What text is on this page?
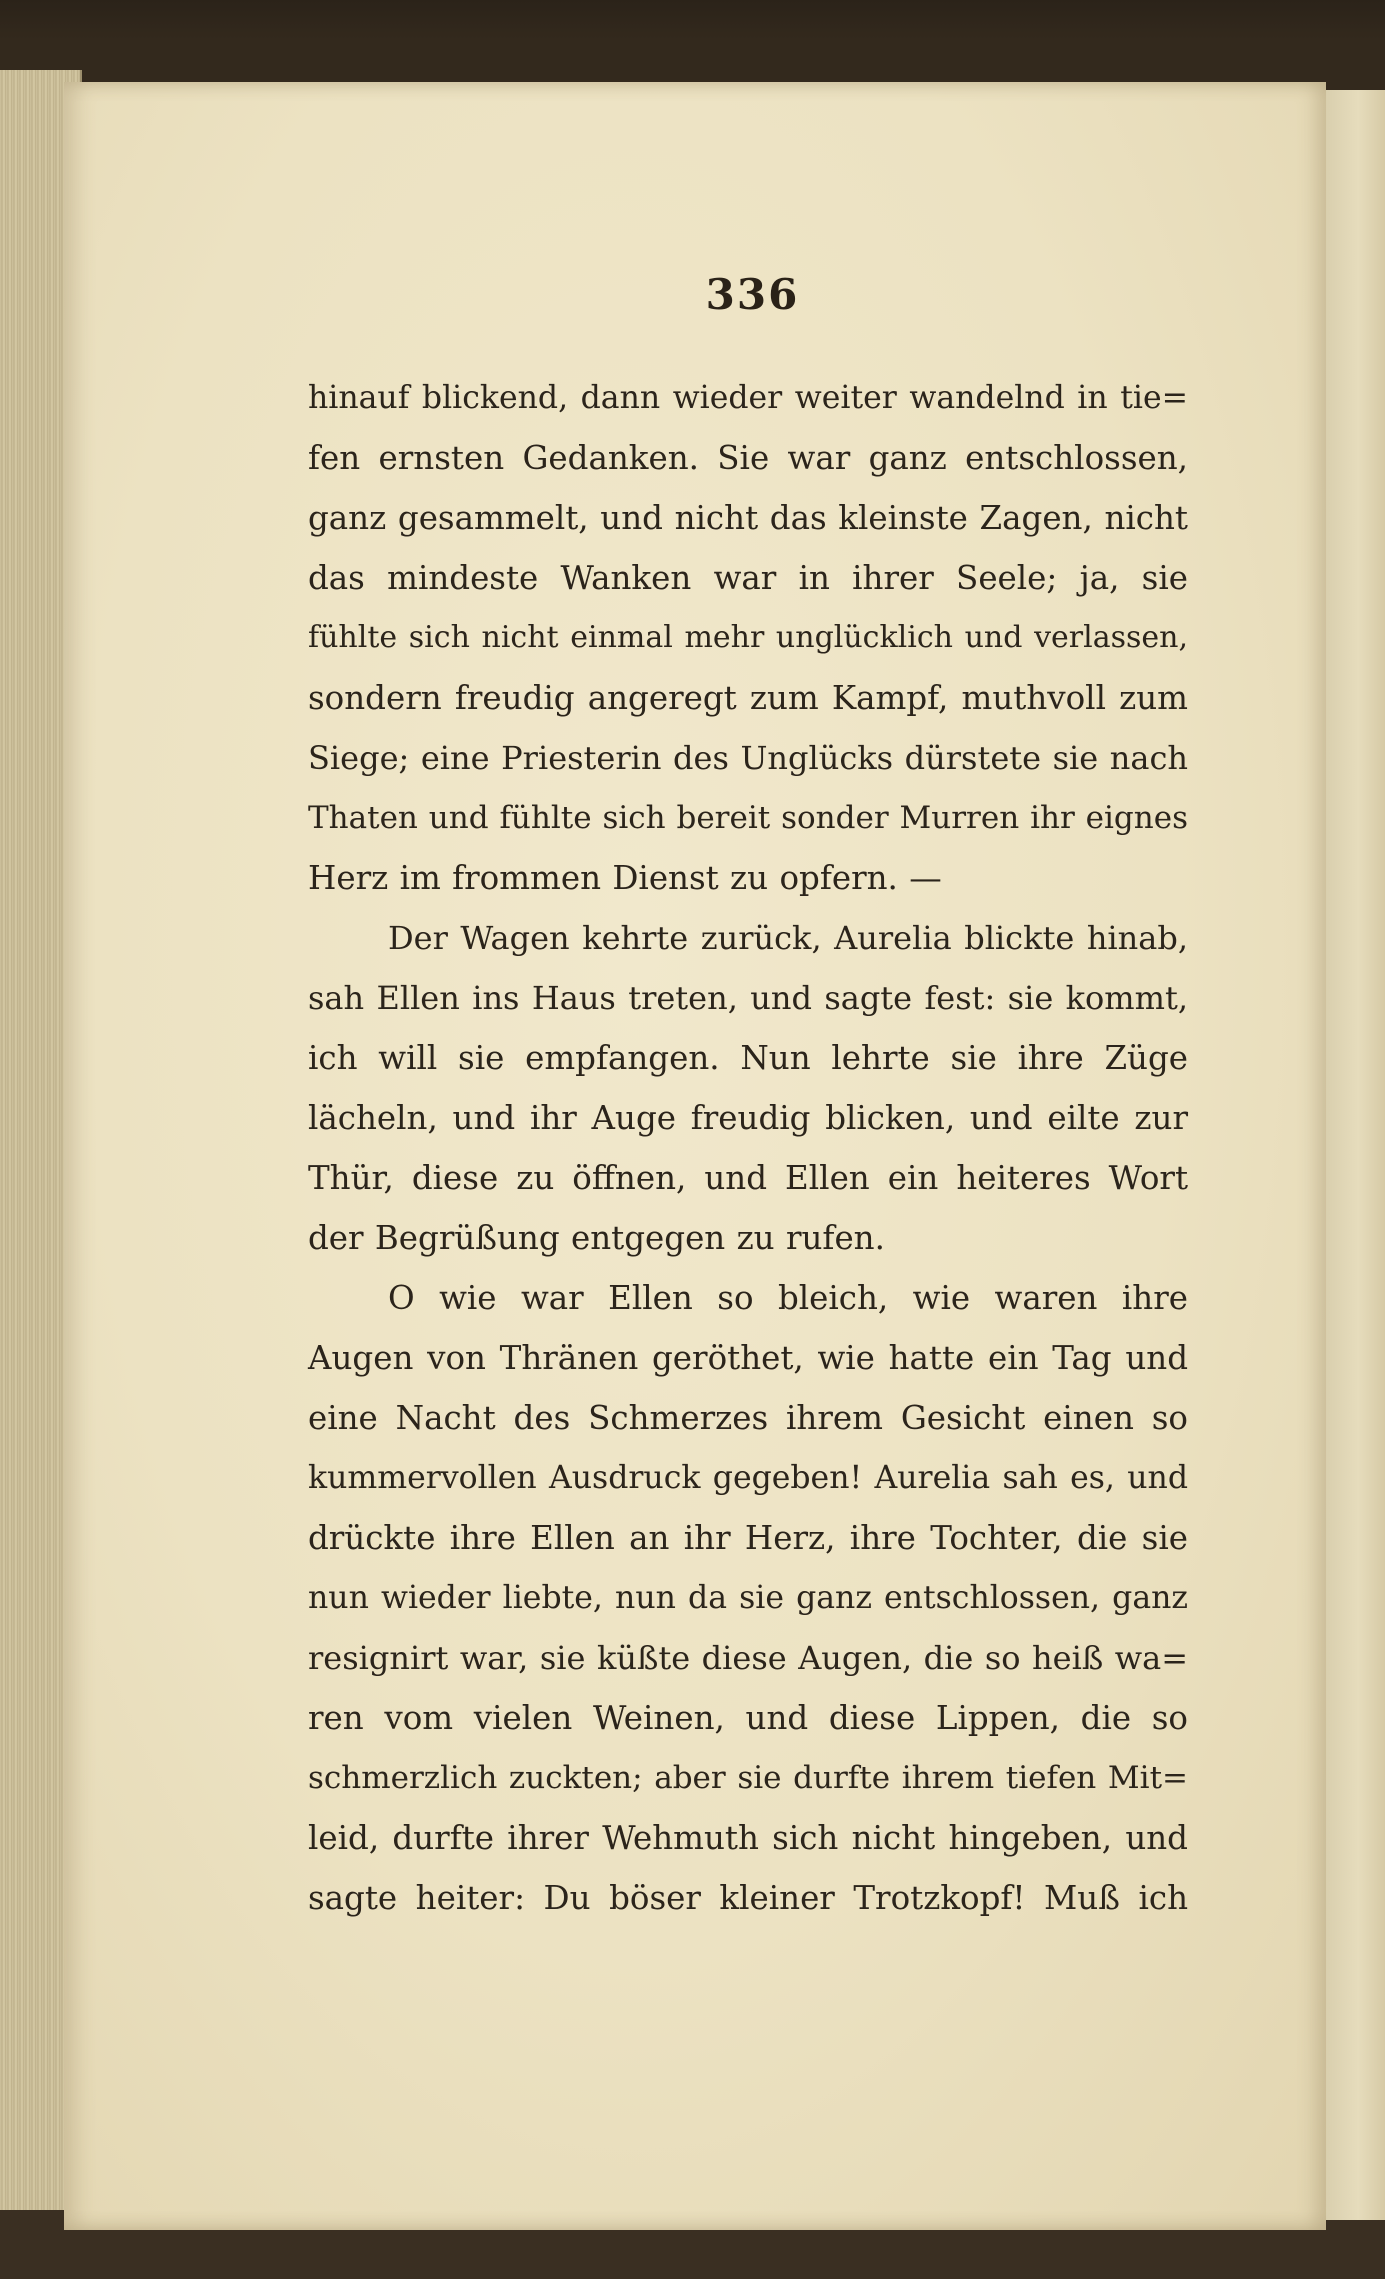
336
hinauf blickend, dann wieder weiter wandelnd in tie=
fen ernsten Gedanken. Sie war ganz entschlossen,
ganz gesammelt, und nicht das kleinste Zagen, nicht
das mindeste Wanken war in ihrer Seele; ja, sie
fühlte sich nicht einmal mehr unglücklich und verlassen,
sondern freudig angeregt zum Kampf, muthvoll zum
Siege; eine Priesterin des Unglücks dürstete sie nach
Thaten und fühlte sich bereit sonder Murren ihr eignes
Herz im frommen Dienst zu opfern. —
Der Wagen kehrte zurück, Aurelia blickte hinab,
sah Ellen ins Haus treten, und sagte fest: sie kommt,
ich will sie empfangen. Nun lehrte sie ihre Züge
lächeln, und ihr Auge freudig blicken, und eilte zur
Thür, diese zu öffnen, und Ellen ein heiteres Wort
der Begrüßung entgegen zu rufen.
O wie war Ellen so bleich, wie waren ihre
Augen von Thränen geröthet, wie hatte ein Tag und
eine Nacht des Schmerzes ihrem Gesicht einen so
kummervollen Ausdruck gegeben! Aurelia sah es, und
drückte ihre Ellen an ihr Herz, ihre Tochter, die sie
nun wieder liebte, nun da sie ganz entschlossen, ganz
resignirt war, sie küßte diese Augen, die so heiß wa=
ren vom vielen Weinen, und diese Lippen, die so
schmerzlich zuckten; aber sie durfte ihrem tiefen Mit=
leid, durfte ihrer Wehmuth sich nicht hingeben, und
sagte heiter: Du böser kleiner Trotzkopf! Muß ich
